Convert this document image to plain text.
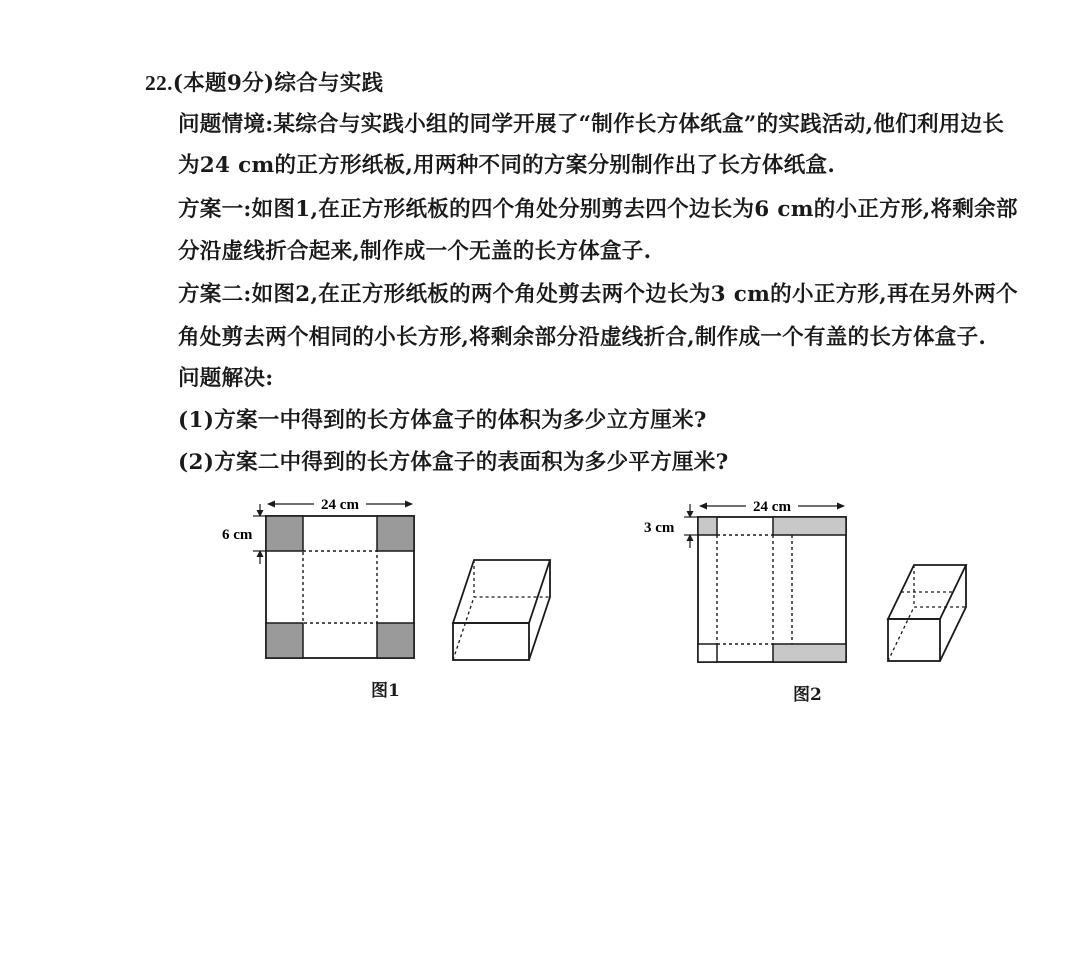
22.(本题9分)综合与实践
问题情境:某综合与实践小组的同学开展了“制作长方体纸盒”的实践活动,他们利用边长
为24 cm的正方形纸板,用两种不同的方案分别制作出了长方体纸盒.
方案一:如图1,在正方形纸板的四个角处分别剪去四个边长为6 cm的小正方形,将剩余部
分沿虚线折合起来,制作成一个无盖的长方体盒子.
方案二:如图2,在正方形纸板的两个角处剪去两个边长为3 cm的小正方形,再在另外两个
角处剪去两个相同的小长方形,将剩余部分沿虚线折合,制作成一个有盖的长方体盒子.
问题解决:
(1)方案一中得到的长方体盒子的体积为多少立方厘米?
(2)方案二中得到的长方体盒子的表面积为多少平方厘米?
24 cm
6 cm
图1
24 cm
3 cm
图2
